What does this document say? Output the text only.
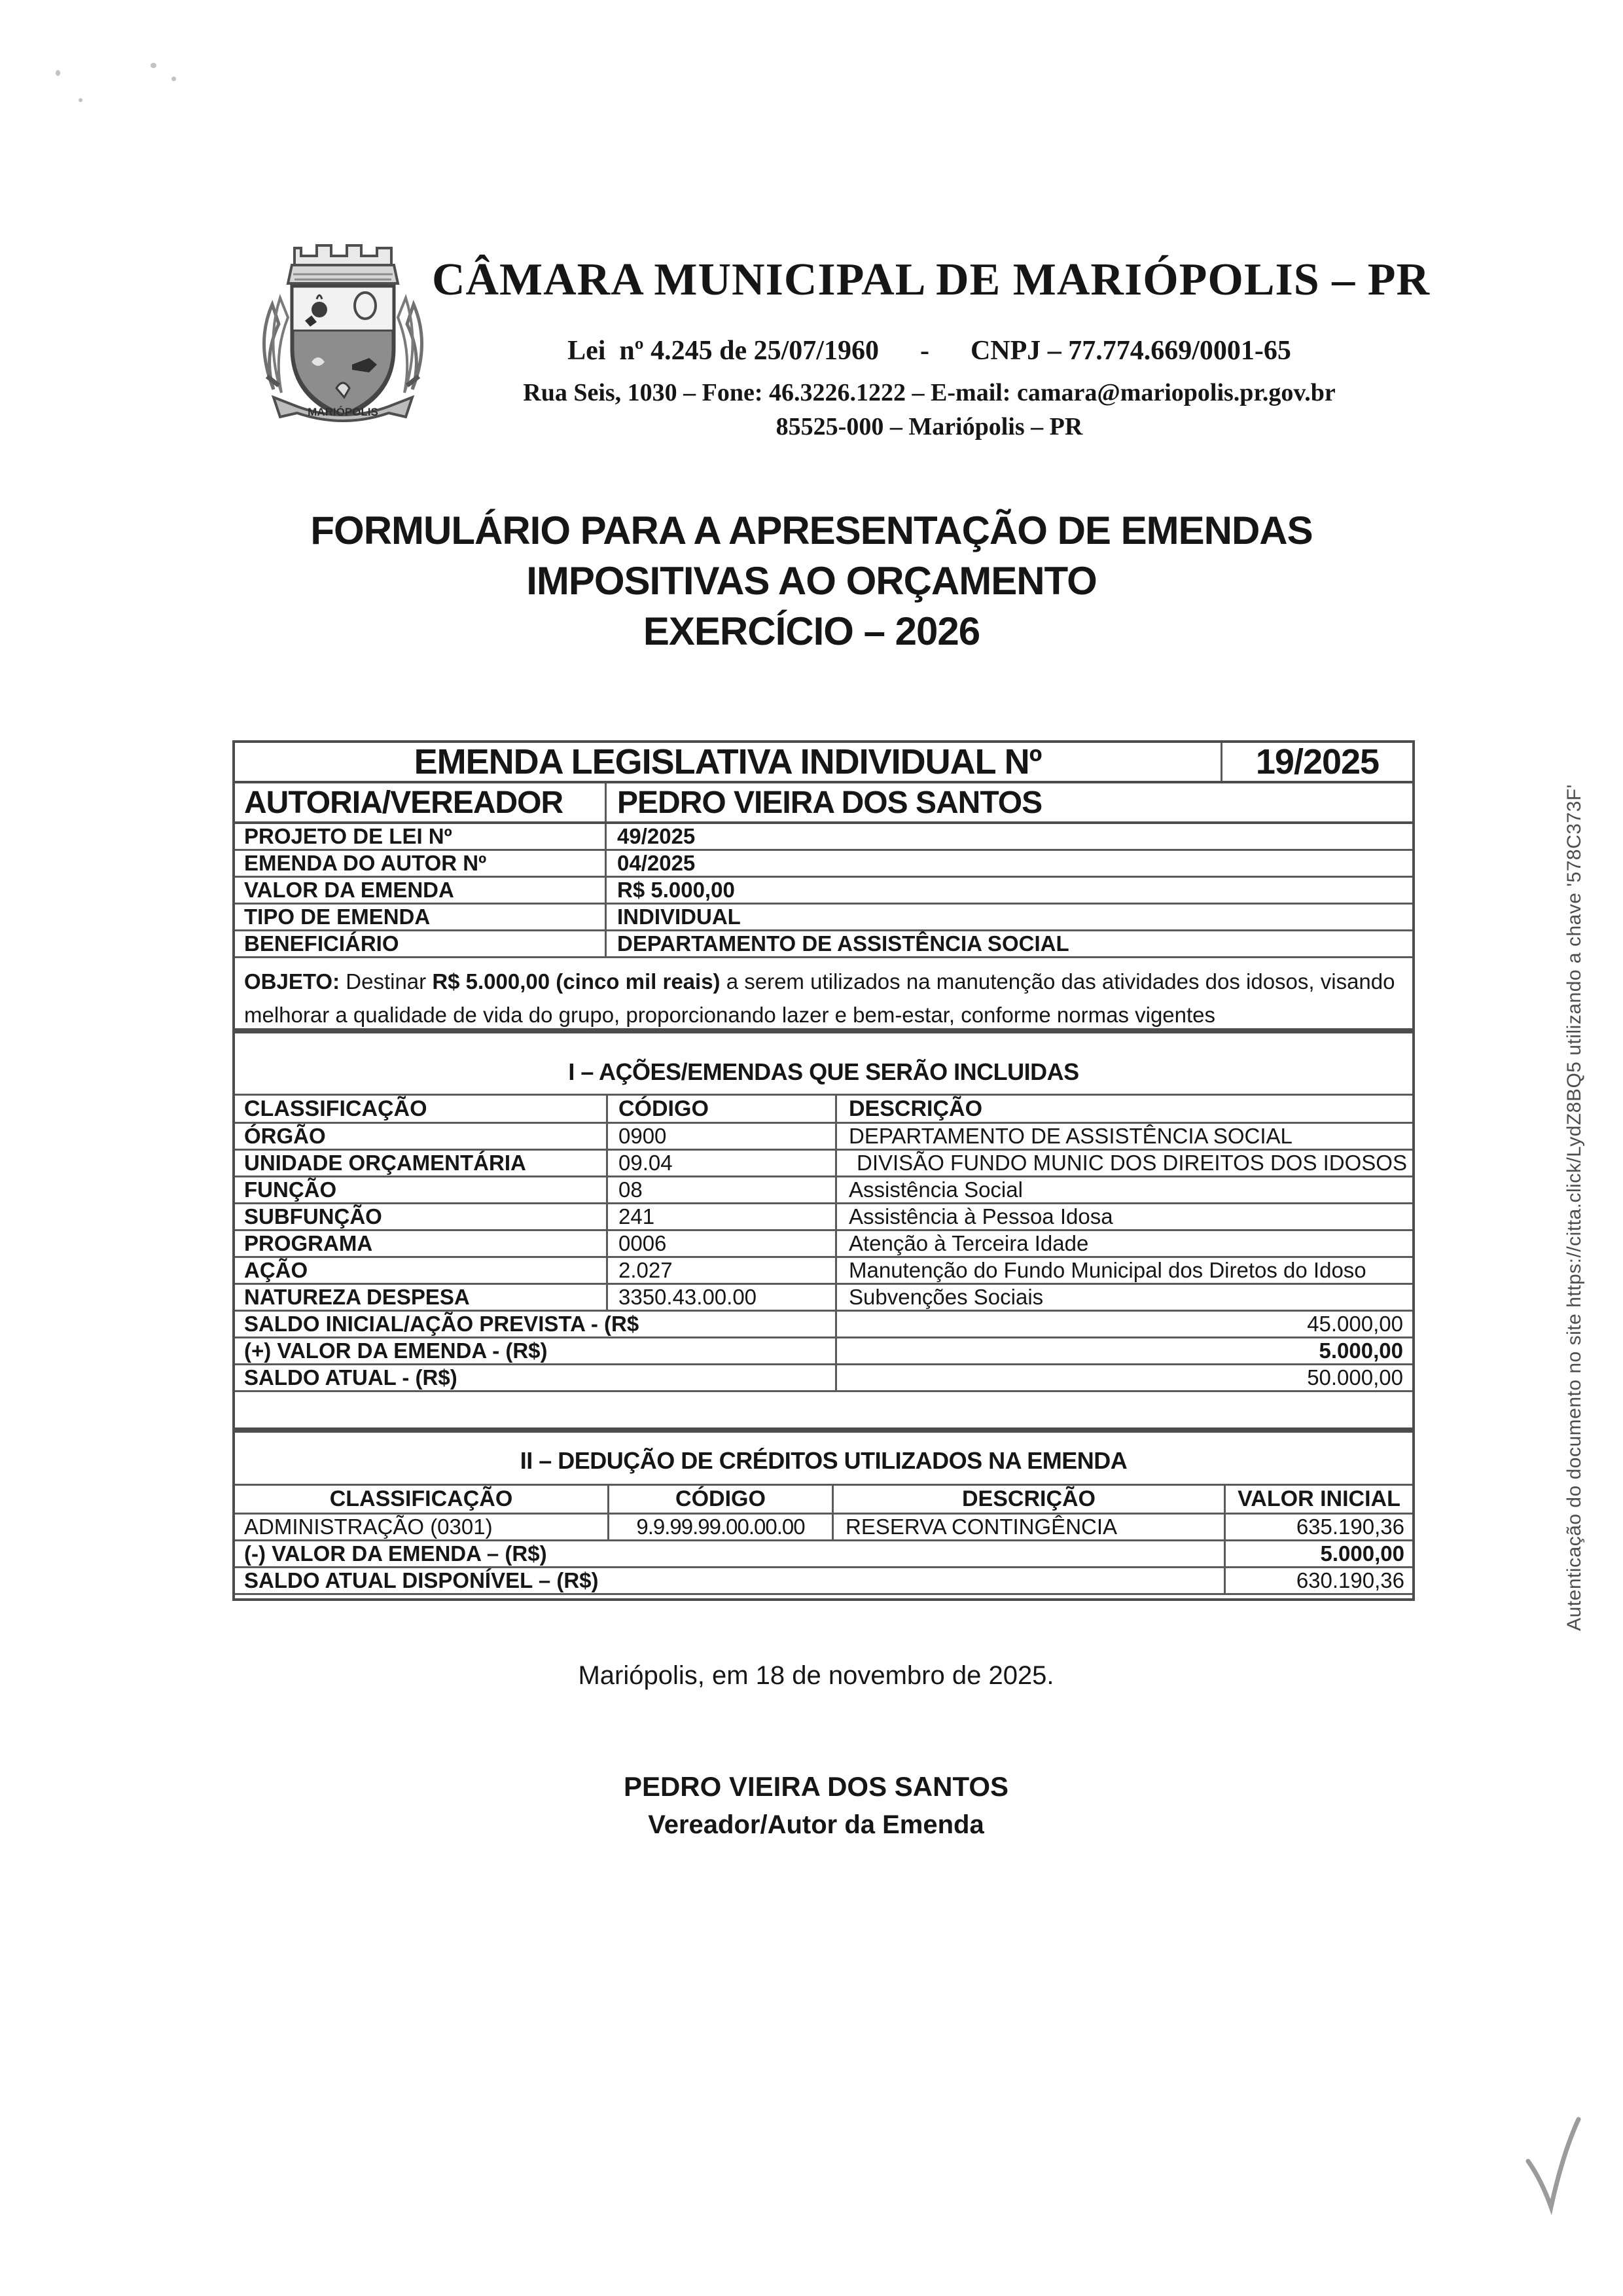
MARIÓPOLIS
CÂMARA MUNICIPAL DE MARIÓPOLIS – PR
Lei  nº 4.245 de 25/07/1960      -      CNPJ – 77.774.669/0001-65
Rua Seis, 1030 – Fone: 46.3226.1222 – E-mail: camara@mariopolis.pr.gov.br
85525-000 – Mariópolis – PR
FORMULÁRIO PARA A APRESENTAÇÃO DE EMENDAS
IMPOSITIVAS AO ORÇAMENTO
EXERCÍCIO – 2026
EMENDA LEGISLATIVA INDIVIDUAL Nº	19/2025
AUTORIA/VEREADOR	PEDRO VIEIRA DOS SANTOS
PROJETO DE LEI Nº	49/2025
EMENDA DO AUTOR Nº	04/2025
VALOR DA EMENDA	R$ 5.000,00
TIPO DE EMENDA	INDIVIDUAL
BENEFICIÁRIO	DEPARTAMENTO DE ASSISTÊNCIA SOCIAL
OBJETO: Destinar R$ 5.000,00 (cinco mil reais) a serem utilizados na manutenção das atividades dos idosos, visando melhorar a qualidade de vida do grupo, proporcionando lazer e bem-estar, conforme normas vigentes
I – AÇÕES/EMENDAS QUE SERÃO INCLUIDAS
CLASSIFICAÇÃO	CÓDIGO	DESCRIÇÃO
ÓRGÃO	0900	DEPARTAMENTO DE ASSISTÊNCIA SOCIAL
UNIDADE ORÇAMENTÁRIA	09.04	DIVISÃO FUNDO MUNIC DOS DIREITOS DOS IDOSOS
FUNÇÃO	08	Assistência Social
SUBFUNÇÃO	241	Assistência à Pessoa Idosa
PROGRAMA	0006	Atenção à Terceira Idade
AÇÃO	2.027	Manutenção do Fundo Municipal dos Diretos do Idoso
NATUREZA DESPESA	3350.43.00.00	Subvenções Sociais
SALDO INICIAL/AÇÃO PREVISTA - (R$	45.000,00
(+) VALOR DA EMENDA - (R$)	5.000,00
SALDO ATUAL - (R$)	50.000,00
II – DEDUÇÃO DE CRÉDITOS UTILIZADOS NA EMENDA
CLASSIFICAÇÃO	CÓDIGO	DESCRIÇÃO	VALOR INICIAL
ADMINISTRAÇÃO (0301)	9.9.99.99.00.00.00	RESERVA CONTINGÊNCIA	635.190,36
(-) VALOR DA EMENDA – (R$)	5.000,00
SALDO ATUAL DISPONÍVEL – (R$)	630.190,36
Mariópolis, em 18 de novembro de 2025.
PEDRO VIEIRA DOS SANTOS
Vereador/Autor da Emenda
Autenticação do documento no site https://citta.click/LydZ8BQ5 utilizando a chave '578C373F'
